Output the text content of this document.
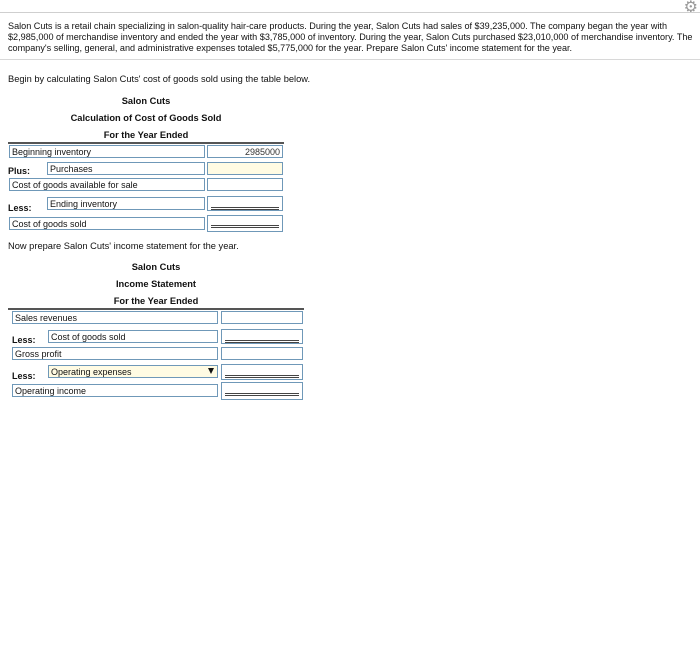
⚙
Salon Cuts is a retail chain specializing in salon-quality hair-care products. During the year, Salon Cuts had sales of $39,235,000. The company began the year with $2,985,000 of merchandise inventory and ended the year with $3,785,000 of inventory. During the year, Salon Cuts purchased $23,010,000 of merchandise inventory. The company's selling, general, and administrative expenses totaled $5,775,000 for the year. Prepare Salon Cuts' income statement for the year.
Begin by calculating Salon Cuts' cost of goods sold using the table below.
Salon Cuts
Calculation of Cost of Goods Sold
For the Year Ended
Beginning inventory	2985000
Plus:	Purchases
Cost of goods available for sale
Less:	Ending inventory
Cost of goods sold
Now prepare Salon Cuts' income statement for the year.
Salon Cuts
Income Statement
For the Year Ended
Sales revenues
Less:	Cost of goods sold
Gross profit
Less:	Operating expenses
Operating income
